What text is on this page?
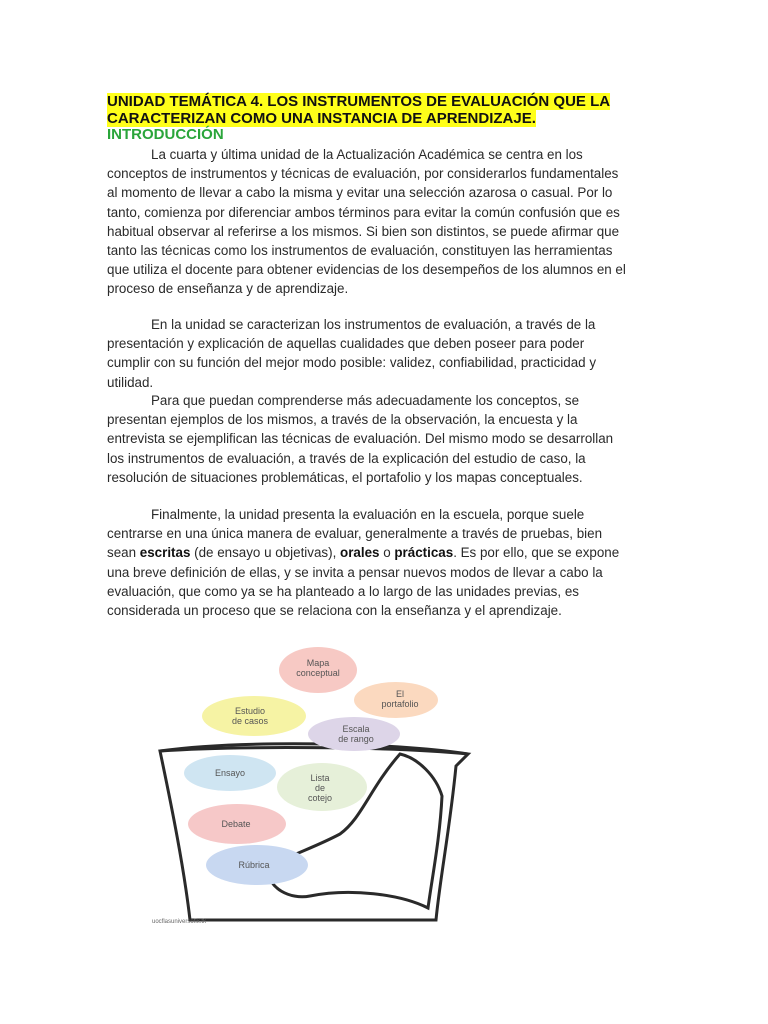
UNIDAD TEMÁTICA 4. LOS INSTRUMENTOS DE EVALUACIÓN QUE LA CARACTERIZAN COMO UNA INSTANCIA DE APRENDIZAJE.
INTRODUCCIÓN
La cuarta y última unidad de la Actualización Académica se centra en los conceptos de instrumentos y técnicas de evaluación, por considerarlos fundamentales al momento de llevar a cabo la misma y evitar una selección azarosa o casual. Por lo tanto, comienza por diferenciar ambos términos para evitar la común confusión que es habitual observar al referirse a los mismos. Si bien son distintos, se puede afirmar que tanto las técnicas como los instrumentos de evaluación, constituyen las herramientas que utiliza el docente para obtener evidencias de los desempeños de los alumnos en el proceso de enseñanza y de aprendizaje.
En la unidad se caracterizan los instrumentos de evaluación, a través de la presentación y explicación de aquellas cualidades que deben poseer para poder cumplir con su función del mejor modo posible: validez, confiabilidad, practicidad y utilidad.
Para que puedan comprenderse más adecuadamente los conceptos, se presentan ejemplos de los mismos, a través de la observación, la encuesta y la entrevista se ejemplifican las técnicas de evaluación. Del mismo modo se desarrollan los instrumentos de evaluación, a través de la explicación del estudio de caso, la resolución de situaciones problemáticas, el portafolio y los mapas conceptuales.
Finalmente, la unidad presenta la evaluación en la escuela, porque suele centrarse en una única manera de evaluar, generalmente a través de pruebas, bien sean escritas (de ensayo u objetivas), orales o prácticas. Es por ello, que se expone una breve definición de ellas, y se invita a pensar nuevos modos de llevar a cabo la evaluación, que como ya se ha planteado a lo largo de las unidades previas, es considerada un proceso que se relaciona con la enseñanza y el aprendizaje.
Mapa
conceptual
El
portafolio
Estudio
de casos
Escala
de rango
Ensayo	Lista
de
cotejo
Debate
Rúbrica
uocflasuniversofix.tk
